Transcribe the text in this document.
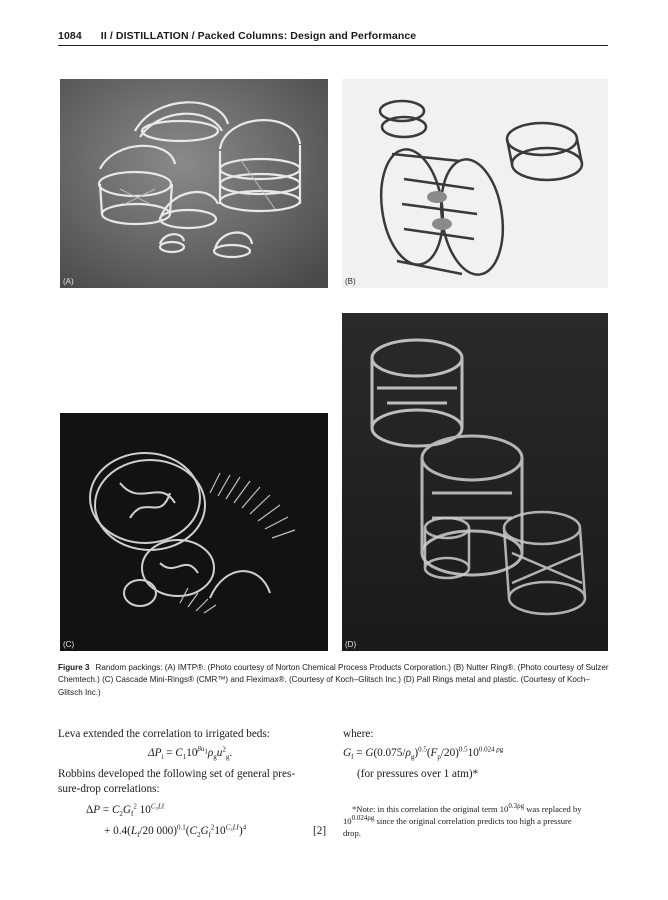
1084 II / DISTILLATION / Packed Columns: Design and Performance
(A)	(B)
(C)	(D)
Figure 3 Random packings: (A) IMTP®. (Photo courtesy of Norton Chemical Process Products Corporation.) (B) Nutter Ring®. (Photo courtesy of Sulzer Chemtech.) (C) Cascade Mini-Rings® (CMR™) and Fleximax®. (Courtesy of Koch–Glitsch Inc.) (D) Pall Rings metal and plastic. (Courtesy of Koch–Glitsch Inc.)
Leva extended the correlation to irrigated beds:
$\Delta P_i = C_110^{\beta u_1}\rho_gu^2_g$.
Robbins developed the following set of general pres-
sure-drop correlations:
$\Delta P = C_2G_f^2$ $10^{C_3Lf}$
+ $0.4(L_f/20$ $000)^{0.1}(C_2G_f^210^{C_3Lf})^4$	[2]
where:
$G_f = G(0.075/\rho_g)^{0.5}(F_p/20)^{0.5}10^{0.024 \rho g}$
(for pressures over 1 atm)*
*Note: in this correlation the original term $10^{0.3\rho g}$ was replaced by
$10^{0.024\rho g}$ since the original correlation predicts too high a pressure
drop.
